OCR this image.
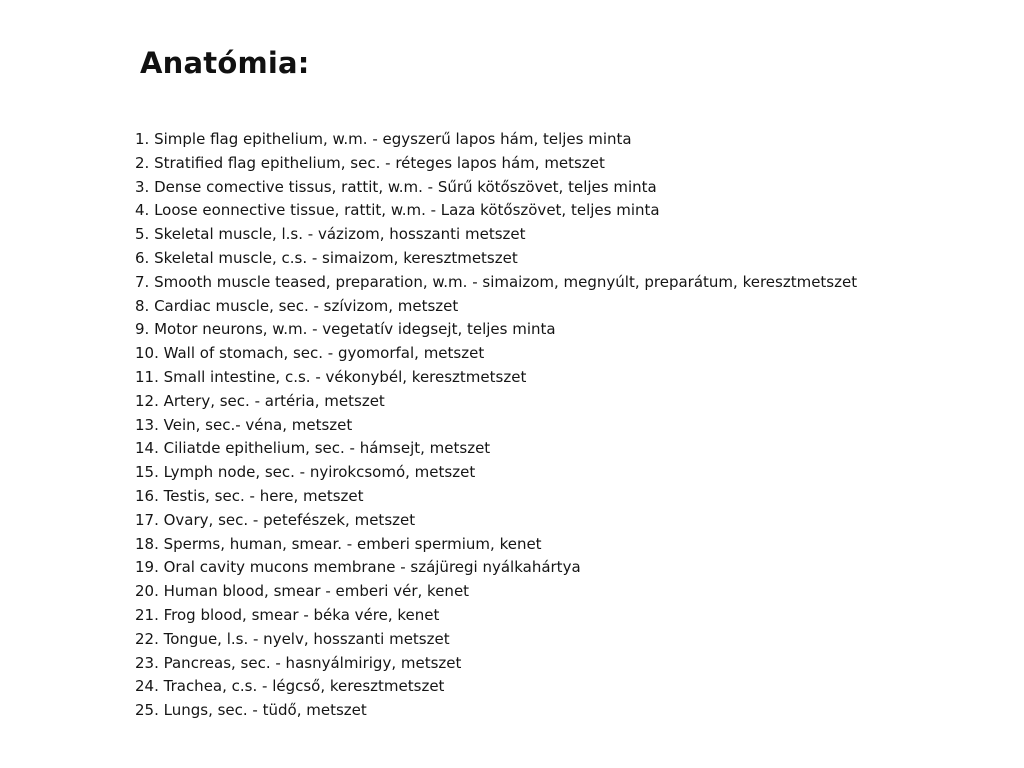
Anatómia:
1. Simple flag epithelium, w.m. - egyszerű lapos hám, teljes minta
2. Stratified flag epithelium, sec. - réteges lapos hám, metszet
3. Dense comective tissus, rattit, w.m. - Sűrű kötőszövet, teljes minta
4. Loose eonnective tissue, rattit, w.m. - Laza kötőszövet, teljes minta
5. Skeletal muscle, l.s. - vázizom, hosszanti metszet
6. Skeletal muscle, c.s. - simaizom, keresztmetszet
7. Smooth muscle teased, preparation, w.m. - simaizom, megnyúlt, preparátum, keresztmetszet
8. Cardiac muscle, sec. - szívizom, metszet
9. Motor neurons, w.m. - vegetatív idegsejt, teljes minta
10. Wall of stomach, sec. - gyomorfal, metszet
11. Small intestine, c.s. - vékonybél, keresztmetszet
12. Artery, sec. - artéria, metszet
13. Vein, sec.- véna, metszet
14. Ciliatde epithelium, sec. - hámsejt, metszet
15. Lymph node, sec. - nyirokcsomó, metszet
16. Testis, sec. - here, metszet
17. Ovary, sec. - petefészek, metszet
18. Sperms, human, smear. - emberi spermium, kenet
19. Oral cavity mucons membrane - szájüregi nyálkahártya
20. Human blood, smear - emberi vér, kenet
21. Frog blood, smear - béka vére, kenet
22. Tongue, l.s. - nyelv, hosszanti metszet
23. Pancreas, sec. - hasnyálmirigy, metszet
24. Trachea, c.s. - légcső, keresztmetszet
25. Lungs, sec. - tüdő, metszet
